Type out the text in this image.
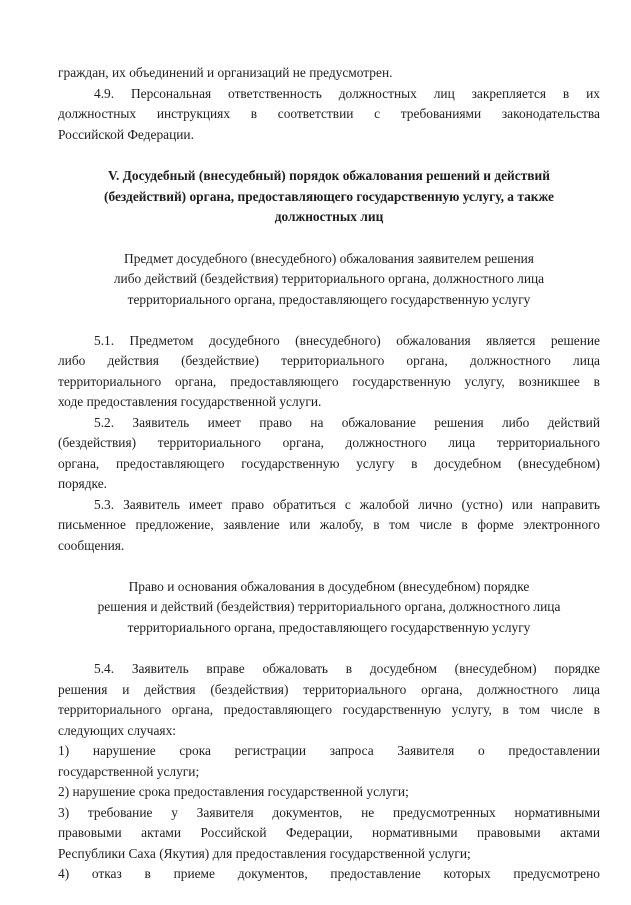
граждан, их объединений и организаций не предусмотрен.
4.9. Персональная ответственность должностных лиц закрепляется в их
должностных инструкциях в соответствии с требованиями законодательства
Российской Федерации.
V. Досудебный (внесудебный) порядок обжалования решений и действий
(бездействий) органа, предоставляющего государственную услугу, а также
должностных лиц
Предмет досудебного (внесудебного) обжалования заявителем решения
либо действий (бездействия) территориального органа, должностного лица
территориального органа, предоставляющего государственную услугу
5.1. Предметом досудебного (внесудебного) обжалования является решение
либо действия (бездействие) территориального органа, должностного лица
территориального органа, предоставляющего государственную услугу, возникшее в
ходе предоставления государственной услуги.
5.2. Заявитель имеет право на обжалование решения либо действий
(бездействия) территориального органа, должностного лица территориального
органа, предоставляющего государственную услугу в досудебном (внесудебном)
порядке.
5.3. Заявитель имеет право обратиться с жалобой лично (устно) или направить
письменное предложение, заявление или жалобу, в том числе в форме электронного
сообщения.
Право и основания обжалования в досудебном (внесудебном) порядке
решения и действий (бездействия) территориального органа, должностного лица
территориального органа, предоставляющего государственную услугу
5.4. Заявитель вправе обжаловать в досудебном (внесудебном) порядке
решения и действия (бездействия) территориального органа, должностного лица
территориального органа, предоставляющего государственную услугу, в том числе в
следующих случаях:
1) нарушение срока регистрации запроса Заявителя о предоставлении
государственной услуги;
2) нарушение срока предоставления государственной услуги;
3) требование у Заявителя документов, не предусмотренных нормативными
правовыми актами Российской Федерации, нормативными правовыми актами
Республики Саха (Якутия) для предоставления государственной услуги;
4) отказ в приеме документов, предоставление которых предусмотрено
